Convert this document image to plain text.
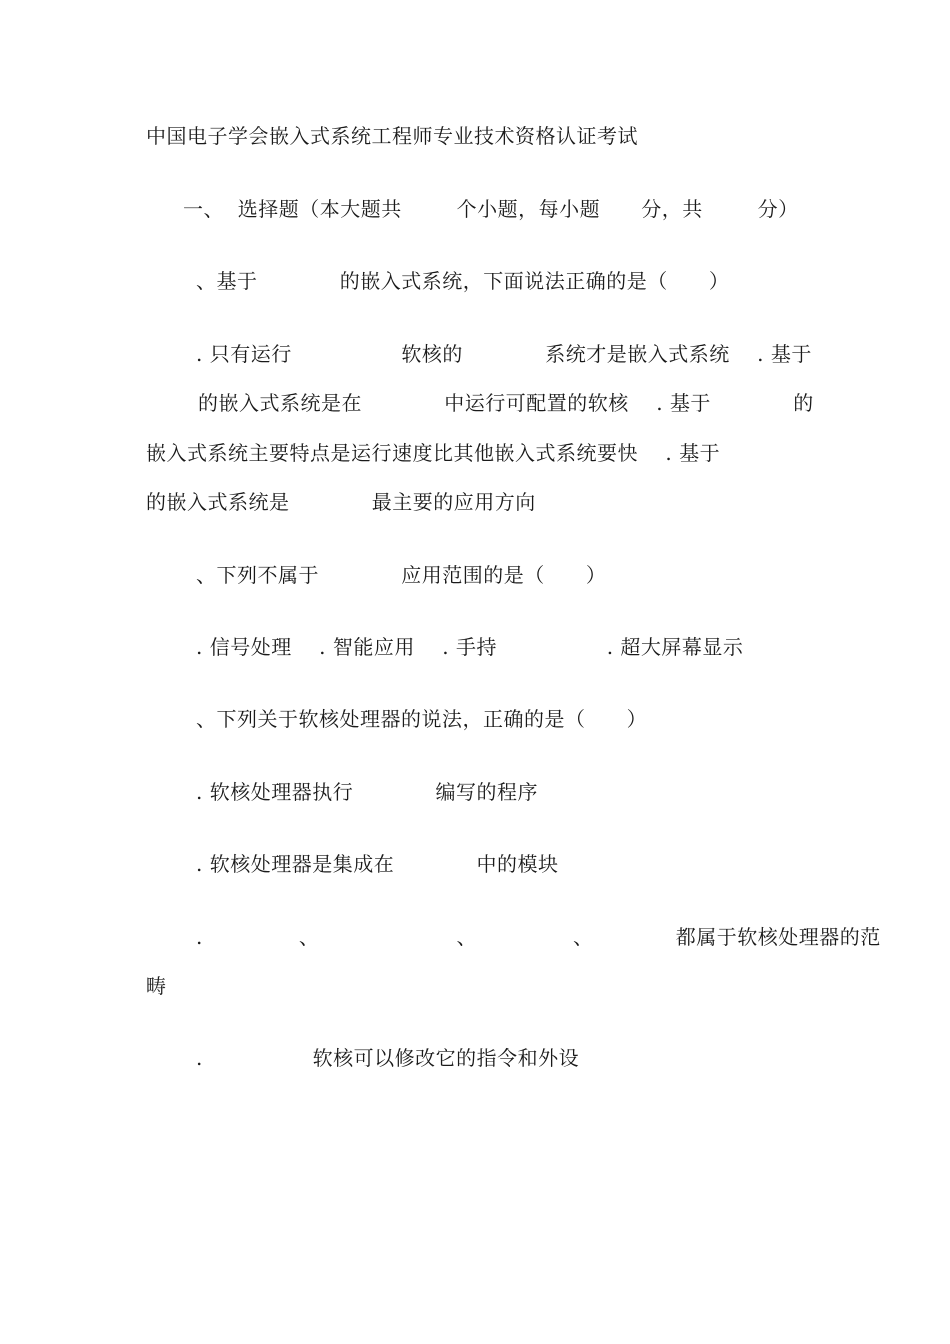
中国电子学会嵌入式系统工程师专业技术资格认证考试
一、  选择题（本大题共        个小题，每小题      分，共        分）
、基于            的嵌入式系统，下面说法正确的是（      ）
. 只有运行                软核的            系统才是嵌入式系统    . 基于
的嵌入式系统是在            中运行可配置的软核    . 基于            的
嵌入式系统主要特点是运行速度比其他嵌入式系统要快    . 基于
的嵌入式系统是            最主要的应用方向
、下列不属于            应用范围的是（      ）
. 信号处理    . 智能应用    . 手持                . 超大屏幕显示
、下列关于软核处理器的说法，正确的是（      ）
. 软核处理器执行            编写的程序
. 软核处理器是集成在            中的模块
.              、                    、              、            都属于软核处理器的范
畴
.                软核可以修改它的指令和外设
